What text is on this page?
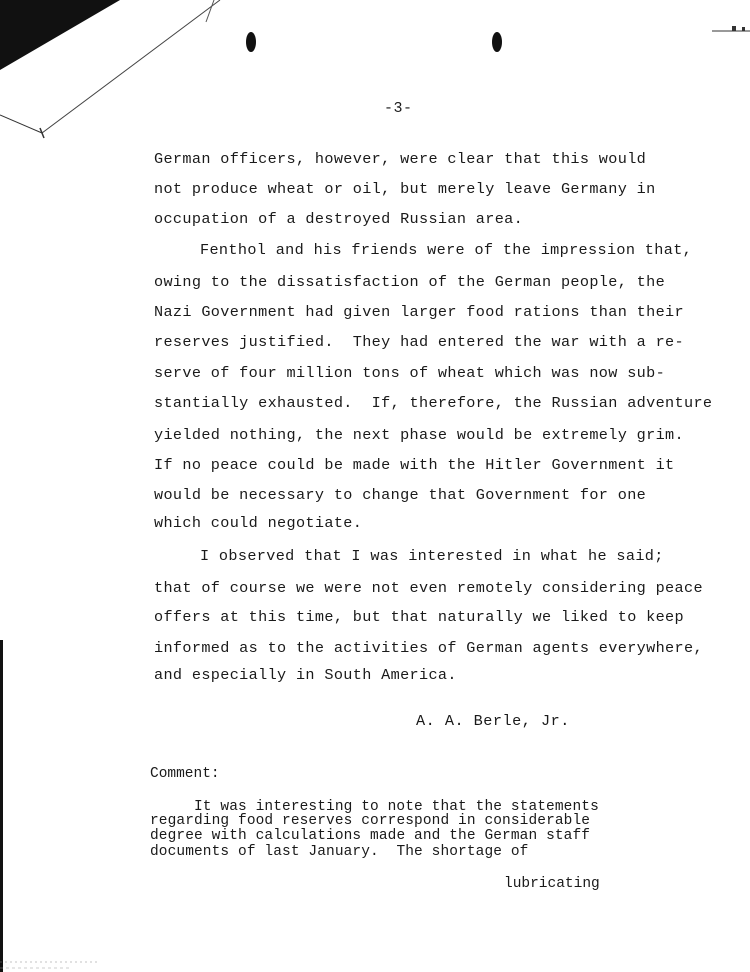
-3-
German officers, however, were clear that this would
not produce wheat or oil, but merely leave Germany in
occupation of a destroyed Russian area.
Fenthol and his friends were of the impression that,
owing to the dissatisfaction of the German people, the
Nazi Government had given larger food rations than their
reserves justified.  They had entered the war with a re-
serve of four million tons of wheat which was now sub-
stantially exhausted.  If, therefore, the Russian adventure
yielded nothing, the next phase would be extremely grim.
If no peace could be made with the Hitler Government it
would be necessary to change that Government for one
which could negotiate.
I observed that I was interested in what he said;
that of course we were not even remotely considering peace
offers at this time, but that naturally we liked to keep
informed as to the activities of German agents everywhere,
and especially in South America.
A. A. Berle, Jr.
Comment:
It was interesting to note that the statements
regarding food reserves correspond in considerable
degree with calculations made and the German staff
documents of last January.  The shortage of
lubricating
